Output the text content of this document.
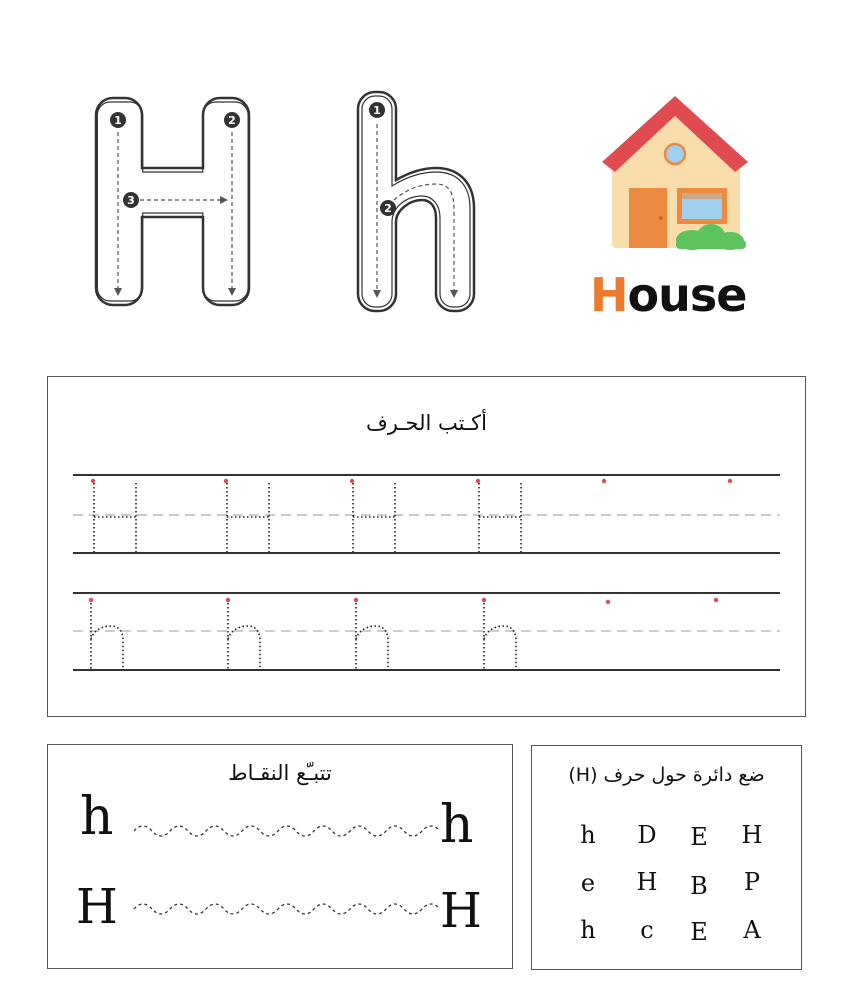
1	2
3
1
2
House
أكـتب الحـرف
تتبـّع النقـاط
h	h
H	H
ضع دائرة حول حرف (H)
h	D	E	H
e	H	B	P
h	c	E	A
